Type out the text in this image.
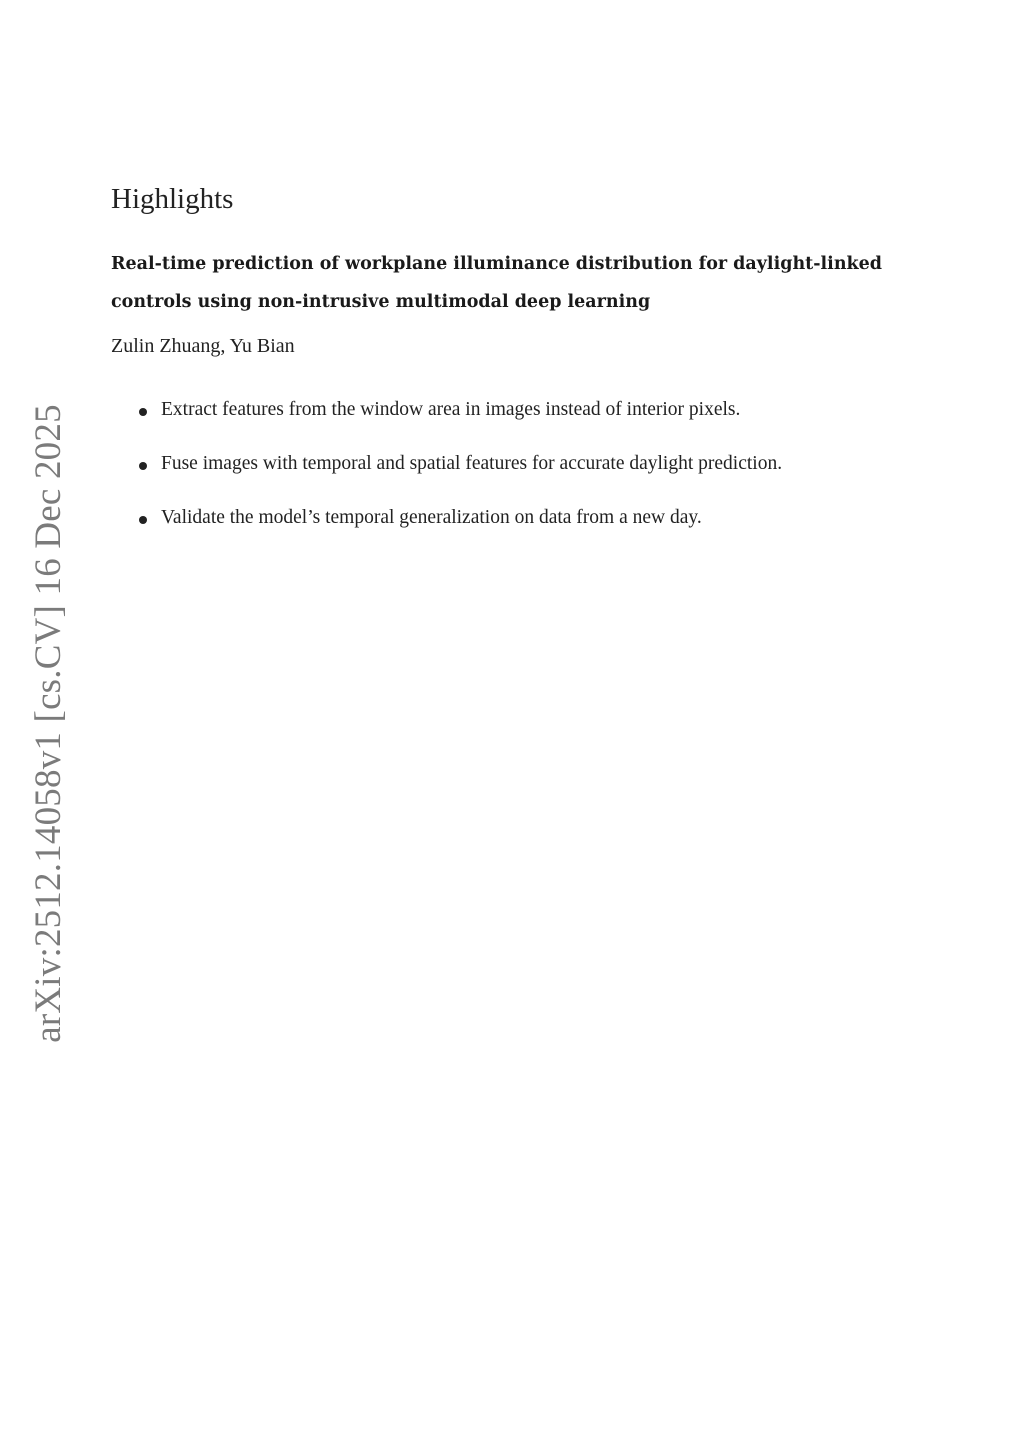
arXiv:2512.14058v1 [cs.CV] 16 Dec 2025
Highlights
Real-time prediction of workplane illuminance distribution for daylight-linked controls using non-intrusive multimodal deep learning
Zulin Zhuang, Yu Bian
Extract features from the window area in images instead of interior pixels.
Fuse images with temporal and spatial features for accurate daylight prediction.
Validate the model’s temporal generalization on data from a new day.
